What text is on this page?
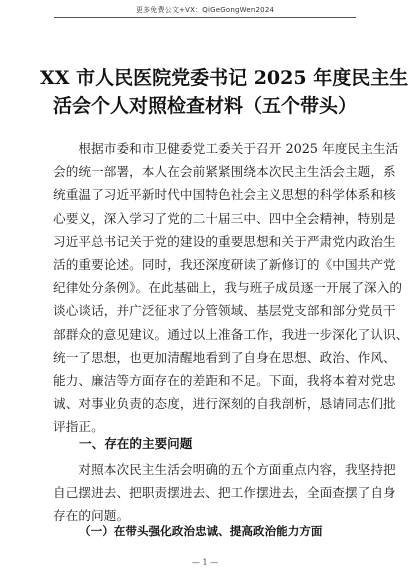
更多免费公文+VX：QiGeGongWen2024
XX 市人民医院党委书记 2025 年度民主生
活会个人对照检查材料（五个带头）
　　根据市委和市卫健委党工委关于召开 2025 年度民主生活
会的统一部署，本人在会前紧紧围绕本次民主生活会主题，系
统重温了习近平新时代中国特色社会主义思想的科学体系和核
心要义，深入学习了党的二十届三中、四中全会精神，特别是
习近平总书记关于党的建设的重要思想和关于严肃党内政治生
活的重要论述。同时，我还深度研读了新修订的《中国共产党
纪律处分条例》。在此基础上，我与班子成员逐一开展了深入的
谈心谈话，并广泛征求了分管领域、基层党支部和部分党员干
部群众的意见建议。通过以上准备工作，我进一步深化了认识、
统一了思想，也更加清醒地看到了自身在思想、政治、作风、
能力、廉洁等方面存在的差距和不足。下面，我将本着对党忠
诚、对事业负责的态度，进行深刻的自我剖析，恳请同志们批
评指正。
一、存在的主要问题
　　对照本次民主生活会明确的五个方面重点内容，我坚持把
自己摆进去、把职责摆进去、把工作摆进去，全面查摆了自身
存在的问题。
（一）在带头强化政治忠诚、提高政治能力方面
— 1 —
